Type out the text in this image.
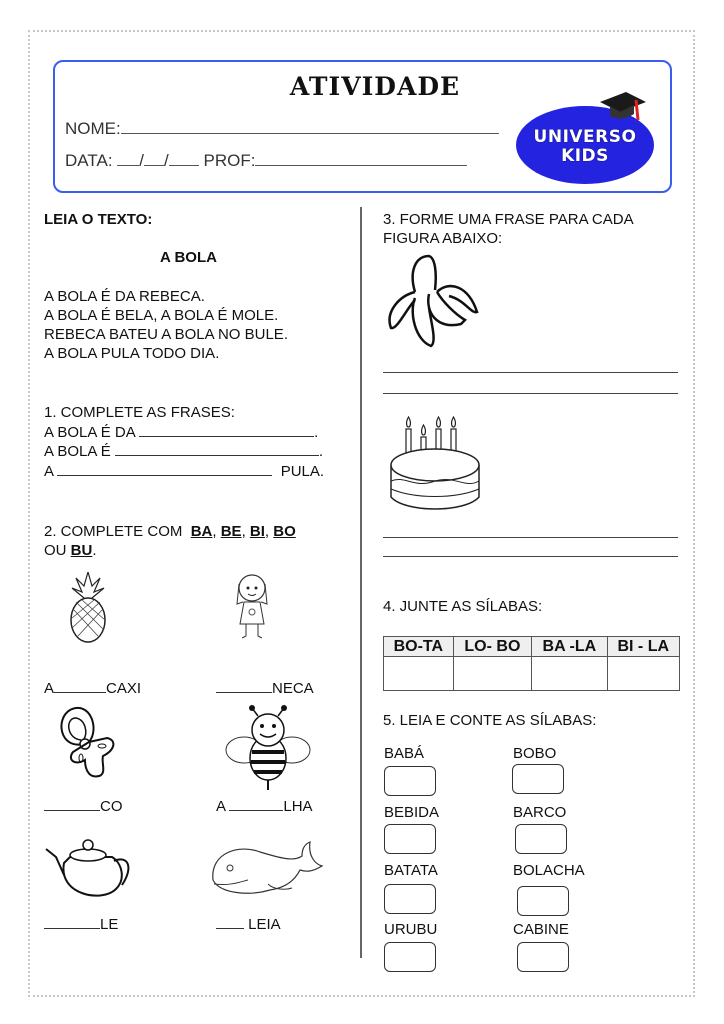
ATIVIDADE
NOME:
DATA: / / PROF:
UNIVERSO
KIDS
LEIA O TEXTO:
A BOLA
A BOLA É DA REBECA.
A BOLA É BELA, A BOLA É MOLE.
REBECA BATEU A BOLA NO BULE.
A BOLA PULA TODO DIA.
1. COMPLETE AS FRASES:
A BOLA É DA	.
A BOLA É	.
A	PULA.
2. COMPLETE COM BA, BE, BI, BO
OU BU.
A	CAXI	NECA
CO	A	LHA
LE	LEIA
3. FORME UMA FRASE PARA CADA
FIGURA ABAIXO:
4. JUNTE AS SÍLABAS:
BO-TA	LO- BO	BA -LA	BI - LA

5. LEIA E CONTE AS SÍLABAS:
BABÁ	BOBO
BEBIDA	BARCO
BATATA	BOLACHA
URUBU	CABINE
